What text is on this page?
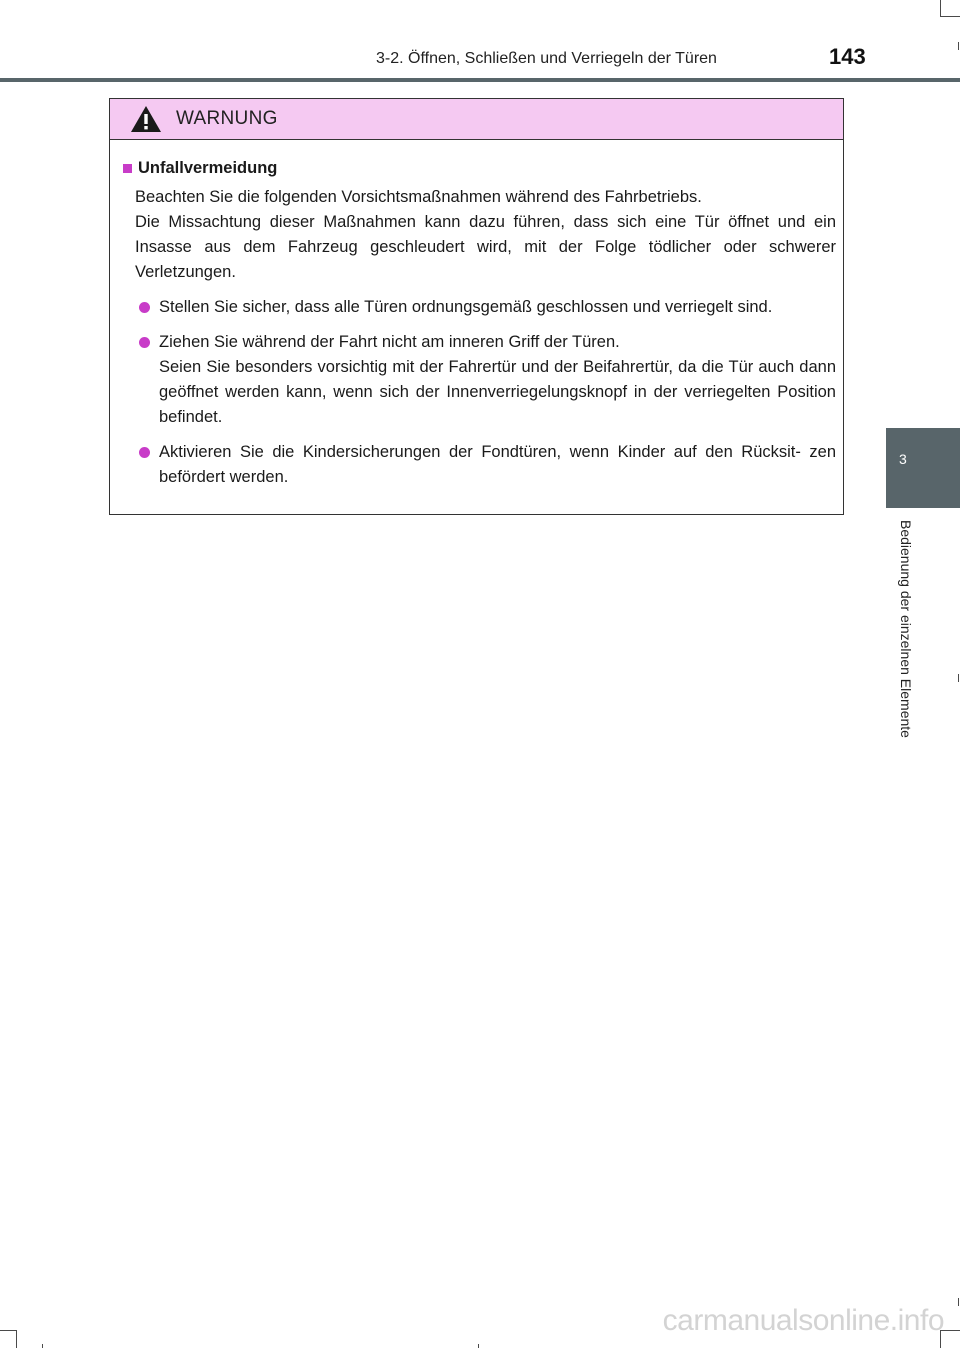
3-2. Öffnen, Schließen und Verriegeln der Türen	143
3
Bedienung der einzelnen Elemente
WARNUNG
Unfallvermeidung

Beachten Sie die folgenden Vorsichtsmaßnahmen während des Fahrbetriebs.

Die Missachtung dieser Maßnahmen kann dazu führen, dass sich eine Tür öffnet und ein Insasse aus dem Fahrzeug geschleudert wird, mit der Folge tödlicher oder schwerer Verletzungen.

Stellen Sie sicher, dass alle Türen ordnungsgemäß geschlossen und verriegelt sind.

Ziehen Sie während der Fahrt nicht am inneren Griff der Türen.

Seien Sie besonders vorsichtig mit der Fahrertür und der Beifahrertür, da die Tür auch dann geöffnet werden kann, wenn sich der Innenverriegelungsknopf in der verriegelten Position befindet.

Aktivieren Sie die Kindersicherungen der Fondtüren, wenn Kinder auf den Rücksit- zen befördert werden.

carmanualsonline.info
